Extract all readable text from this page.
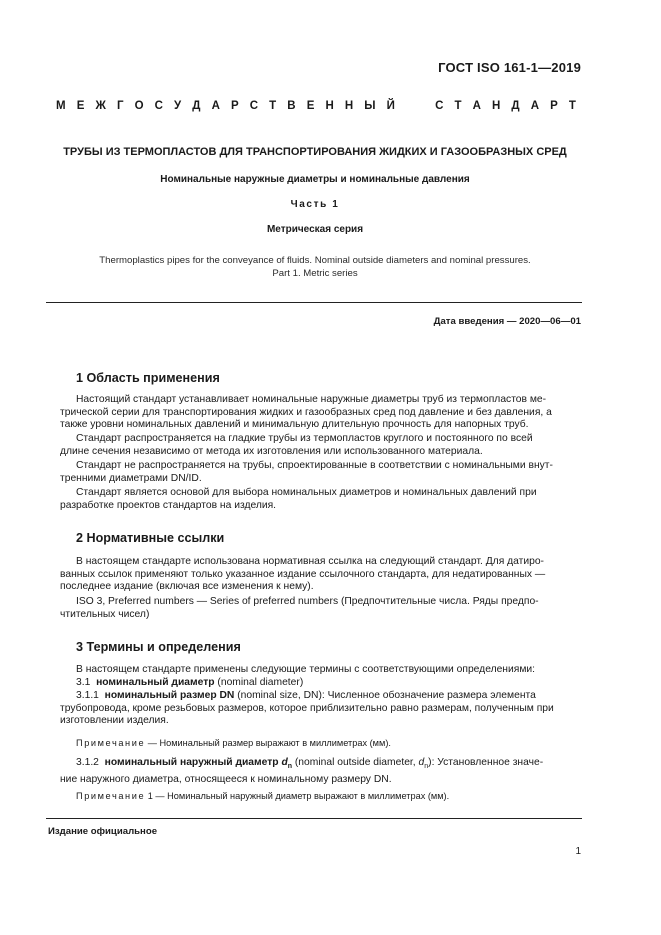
ГОСТ ISO 161-1—2019
М Е Ж Г О С У Д А Р С Т В Е Н Н Ы Й	С Т А Н Д А Р Т
ТРУБЫ ИЗ ТЕРМОПЛАСТОВ ДЛЯ ТРАНСПОРТИРОВАНИЯ ЖИДКИХ И ГАЗООБРАЗНЫХ СРЕД
Номинальные наружные диаметры и номинальные давления
Часть 1
Метрическая серия
Thermoplastics pipes for the conveyance of fluids. Nominal outside diameters and nominal pressures.
Part 1. Metric series
Дата введения — 2020—06—01
1 Область применения

Настоящий стандарт устанавливает номинальные наружные диаметры труб из термопластов ме-
трической серии для транспортирования жидких и газообразных сред под давление и без давления, а
также уровни номинальных давлений и минимальную длительную прочность для напорных труб.

Стандарт распространяется на гладкие трубы из термопластов круглого и постоянного по всей
длине сечения независимо от метода их изготовления или использованного материала.

Стандарт не распространяется на трубы, спроектированные в соответствии с номинальными внут-
тренними диаметрами DN/ID.

Стандарт является основой для выбора номинальных диаметров и номинальных давлений при
разработке проектов стандартов на изделия.

2 Нормативные ссылки

В настоящем стандарте использована нормативная ссылка на следующий стандарт. Для датиро-
ванных ссылок применяют только указанное издание ссылочного стандарта, для недатированных —
последнее издание (включая все изменения к нему).

ISO 3, Preferred numbers — Series of preferred numbers (Предпочтительные числа. Ряды предпо-
чтительных чисел)

3 Термины и определения

В настоящем стандарте применены следующие термины с соответствующими определениями:

3.1 номинальный диаметр (nominal diameter)

3.1.1 номинальный размер DN (nominal size, DN): Численное обозначение размера элемента
трубопровода, кроме резьбовых размеров, которое приблизительно равно размерам, полученным при
изготовлении изделия.

Примечание — Номинальный размер выражают в миллиметрах (мм).

3.1.2 номинальный наружный диаметр $d_n$ (nominal outside diameter, $d_n$): Установленное значе-
ние наружного диаметра, относящееся к номинальному размеру DN.

Примечание 1 — Номинальный наружный диаметр выражают в миллиметрах (мм).

Издание официальное
1
